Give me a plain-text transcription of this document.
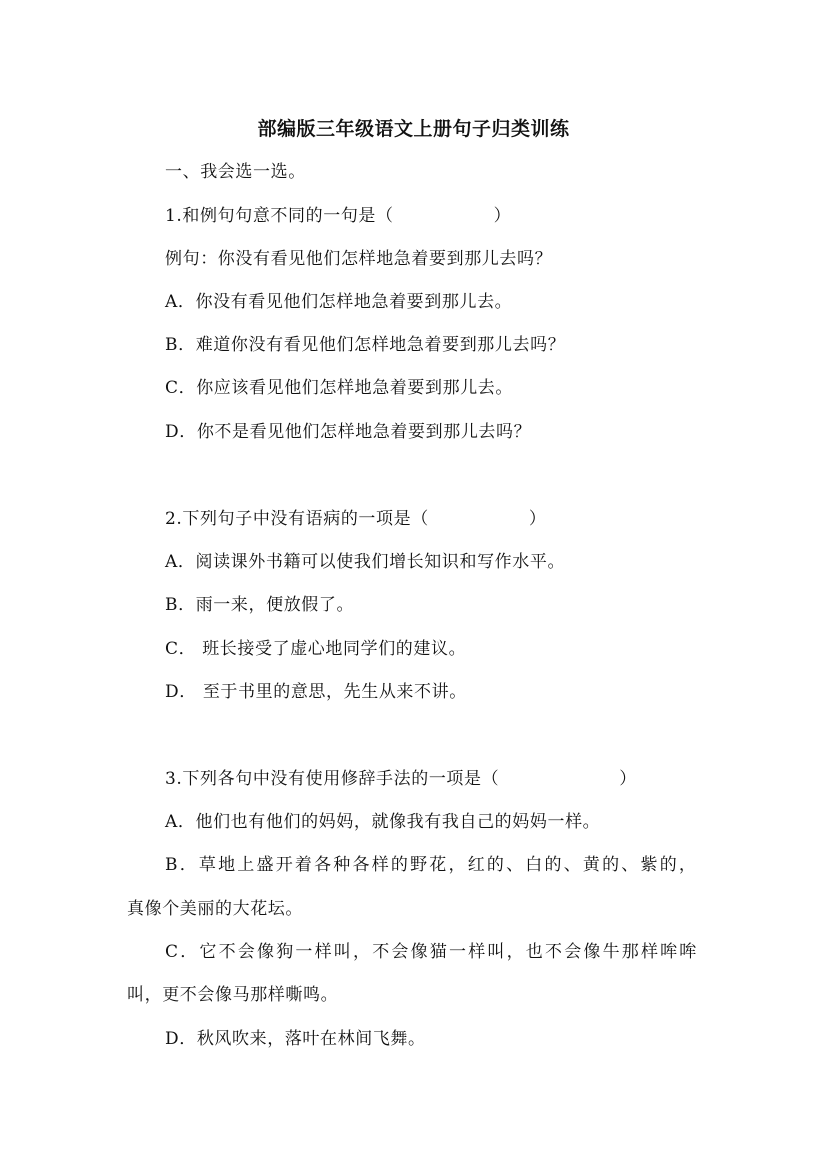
部编版三年级语文上册句子归类训练
一、我会选一选。
1.和例句句意不同的一句是（	）
例句：你没有看见他们怎样地急着要到那儿去吗？
A．你没有看见他们怎样地急着要到那儿去。
B．难道你没有看见他们怎样地急着要到那儿去吗？
C．你应该看见他们怎样地急着要到那儿去。
D．你不是看见他们怎样地急着要到那儿去吗？
2.下列句子中没有语病的一项是（	）
A．阅读课外书籍可以使我们增长知识和写作水平。
B．雨一来，便放假了。
C． 班长接受了虚心地同学们的建议。
D． 至于书里的意思，先生从来不讲。
3.下列各句中没有使用修辞手法的一项是（	）
A．他们也有他们的妈妈，就像我有我自己的妈妈一样。
B．草地上盛开着各种各样的野花，红的、白的、黄的、紫的，
真像个美丽的大花坛。
C．它不会像狗一样叫，不会像猫一样叫，也不会像牛那样哞哞
叫，更不会像马那样嘶鸣。
D．秋风吹来，落叶在林间飞舞。
